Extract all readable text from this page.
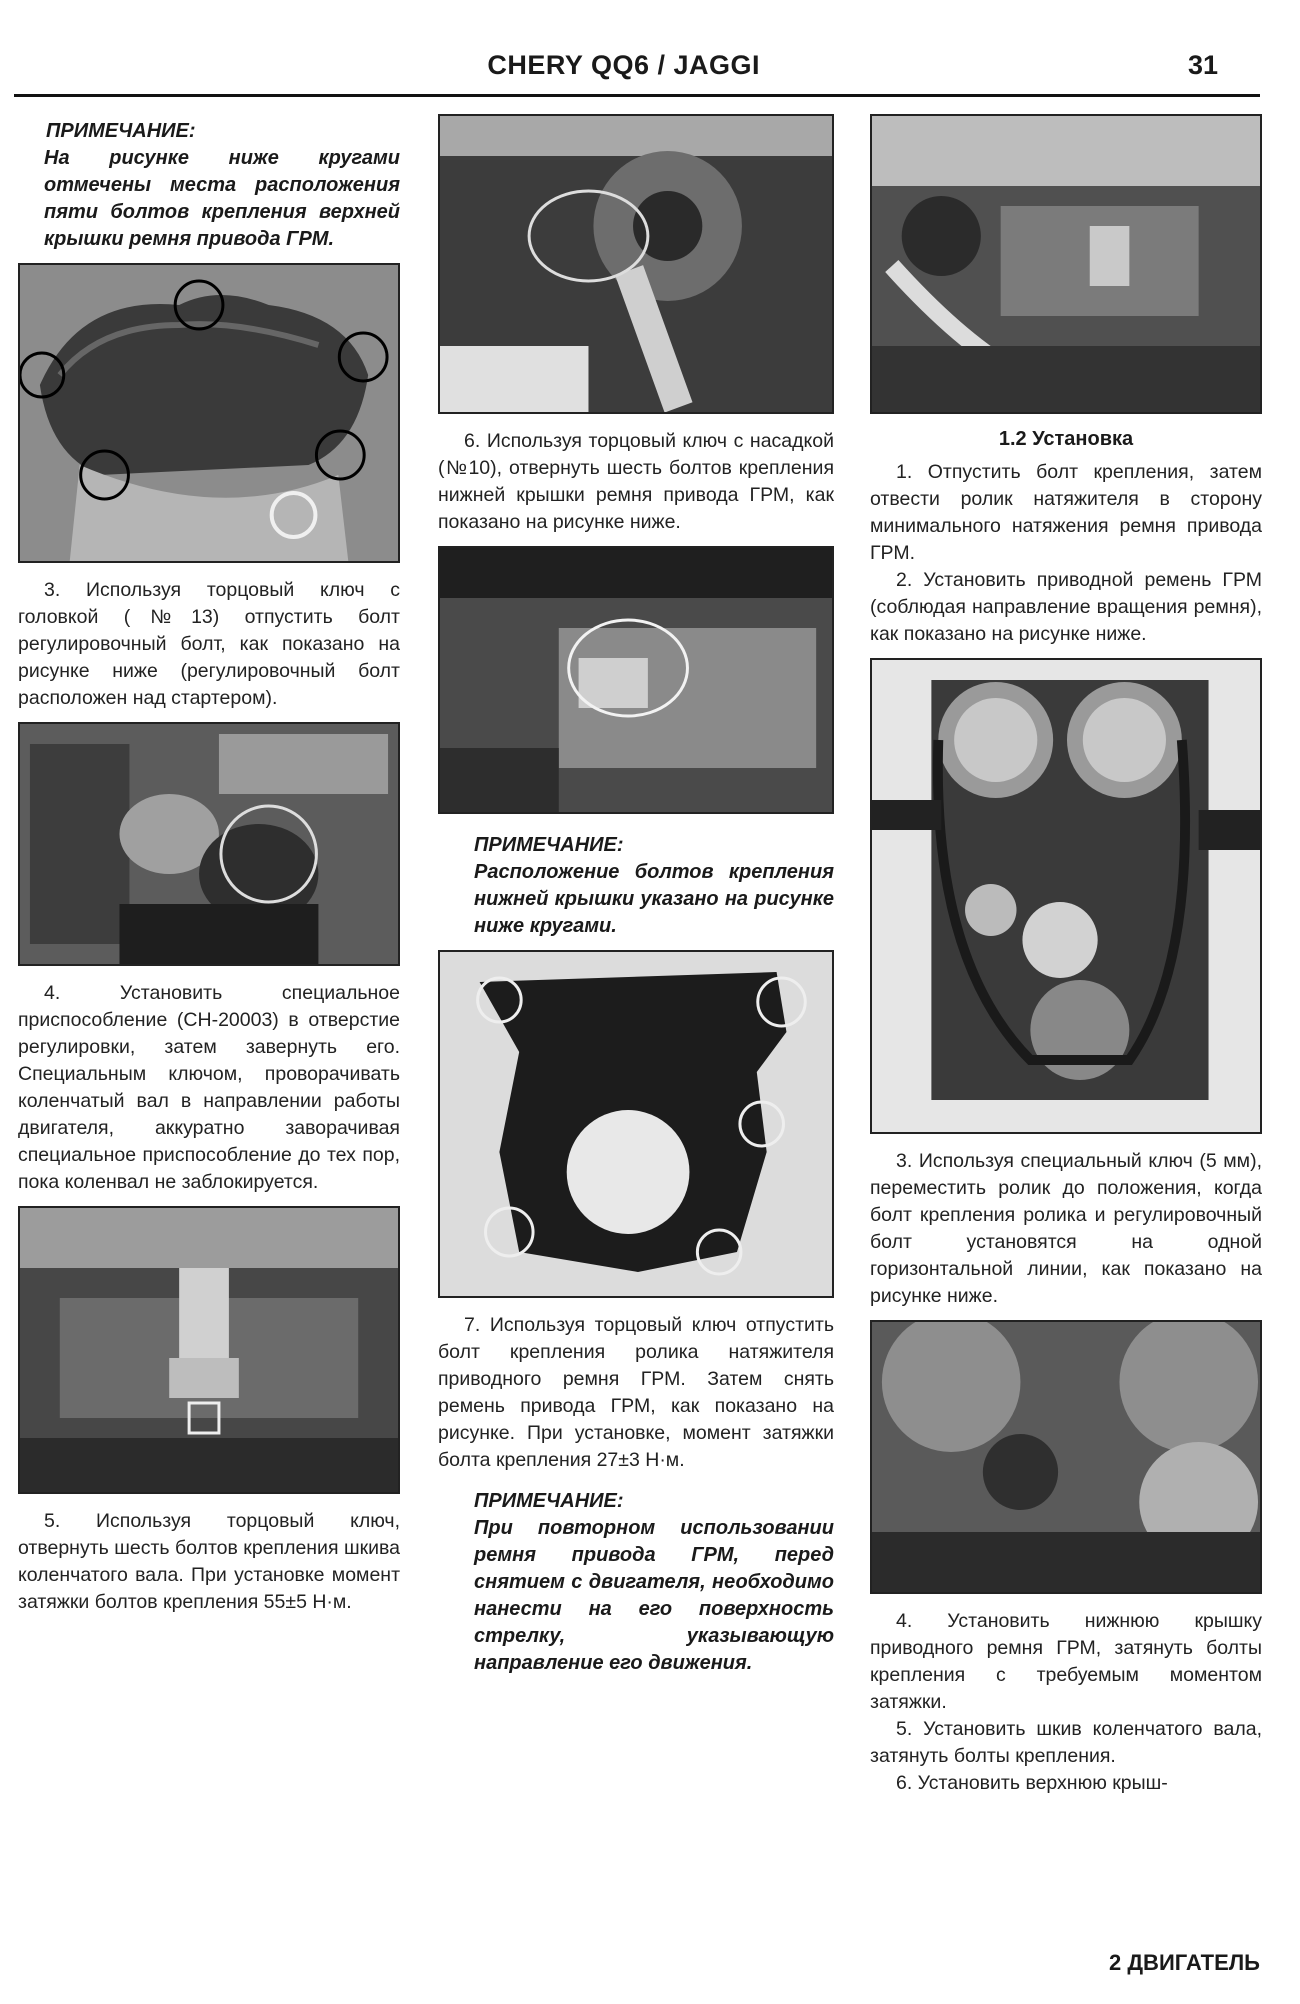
CHERY QQ6 / JAGGI	31
ПРИМЕЧАНИЕ:

На рисунке ниже кругами отмечены места расположения пяти болтов крепления верхней крышки ремня привода ГРМ.

3. Используя торцовый ключ с головкой (№13) отпустить болт регулировочный болт, как показано на рисунке ниже (регулировочный болт расположен над стартером).

4. Установить специальное приспособление (CH-20003) в отверстие регулировки, затем завернуть его. Специальным ключом, проворачивать коленчатый вал в направлении работы двигателя, аккуратно заворачивая специальное приспособление до тех пор, пока коленвал не заблокируется.

5. Используя торцовый ключ, отвернуть шесть болтов крепления шкива коленчатого вала. При установке момент затяжки болтов крепления 55±5 Н·м.

6. Используя торцовый ключ с насадкой (№10), отвернуть шесть болтов крепления нижней крышки ремня привода ГРМ, как показано на рисунке ниже.

ПРИМЕЧАНИЕ:

Расположение болтов крепления нижней крышки указано на рисунке ниже кругами.

7. Используя торцовый ключ отпустить болт крепления ролика натяжителя приводного ремня ГРМ. Затем снять ремень привода ГРМ, как показано на рисунке. При установке, момент затяжки болта крепления 27±3 Н·м.

ПРИМЕЧАНИЕ:

При повторном использовании ремня привода ГРМ, перед снятием с двигателя, необходимо нанести на его поверхность стрелку, указывающую направление его движения.

1.2 Установка

1. Отпустить болт крепления, затем отвести ролик натяжителя в сторону минимального натяжения ремня привода ГРМ.

2. Установить приводной ремень ГРМ (соблюдая направление вращения ремня), как показано на рисунке ниже.

3. Используя специальный ключ (5 мм), переместить ролик до положения, когда болт крепления ролика и регулировочный болт установятся на одной горизонтальной линии, как показано на рисунке ниже.

4. Установить нижнюю крышку приводного ремня ГРМ, затянуть болты крепления с требуемым моментом затяжки.

5. Установить шкив коленчатого вала, затянуть болты крепления.

6. Установить верхнюю крыш-

2 ДВИГАТЕЛЬ
